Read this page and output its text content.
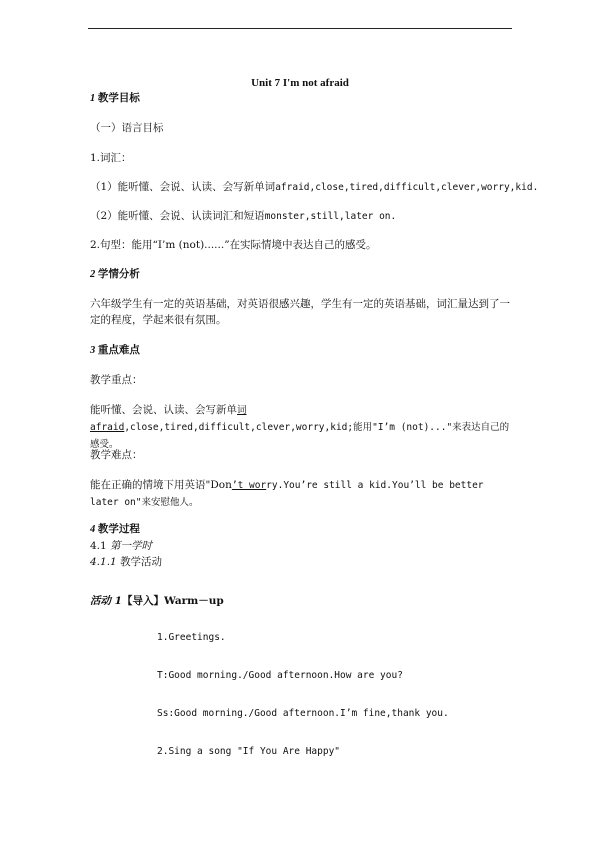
Unit 7 I'm not afraid
1 教学目标
（一）语言目标
1.词汇：
（1）能听懂、会说、认读、会写新单词afraid,close,tired,difficult,clever,worry,kid.
（2）能听懂、会说、认读词汇和短语monster,still,later on.
2.句型：能用“I’m (not)......”在实际情境中表达自己的感受。
2 学情分析
六年级学生有一定的英语基础，对英语很感兴趣，学生有一定的英语基础，词汇量达到了一定的程度，学起来很有氛围。
3 重点难点
教学重点：
能听懂、会说、认读、会写新单词 afraid,close,tired,difficult,clever,worry,kid;能用"I’m (not)..."来表达自己的感受。
教学难点：
能在正确的情境下用英语"Don’t worry.You’re still a kid.You’ll be better later on"来安慰他人。
4 教学过程
4.1 第一学时
4.1.1 教学活动
活动 1【导入】Warm－up
1.Greetings.
T:Good morning./Good afternoon.How are you?
Ss:Good morning./Good afternoon.I’m fine,thank you.
2.Sing a song "If You Are Happy"
